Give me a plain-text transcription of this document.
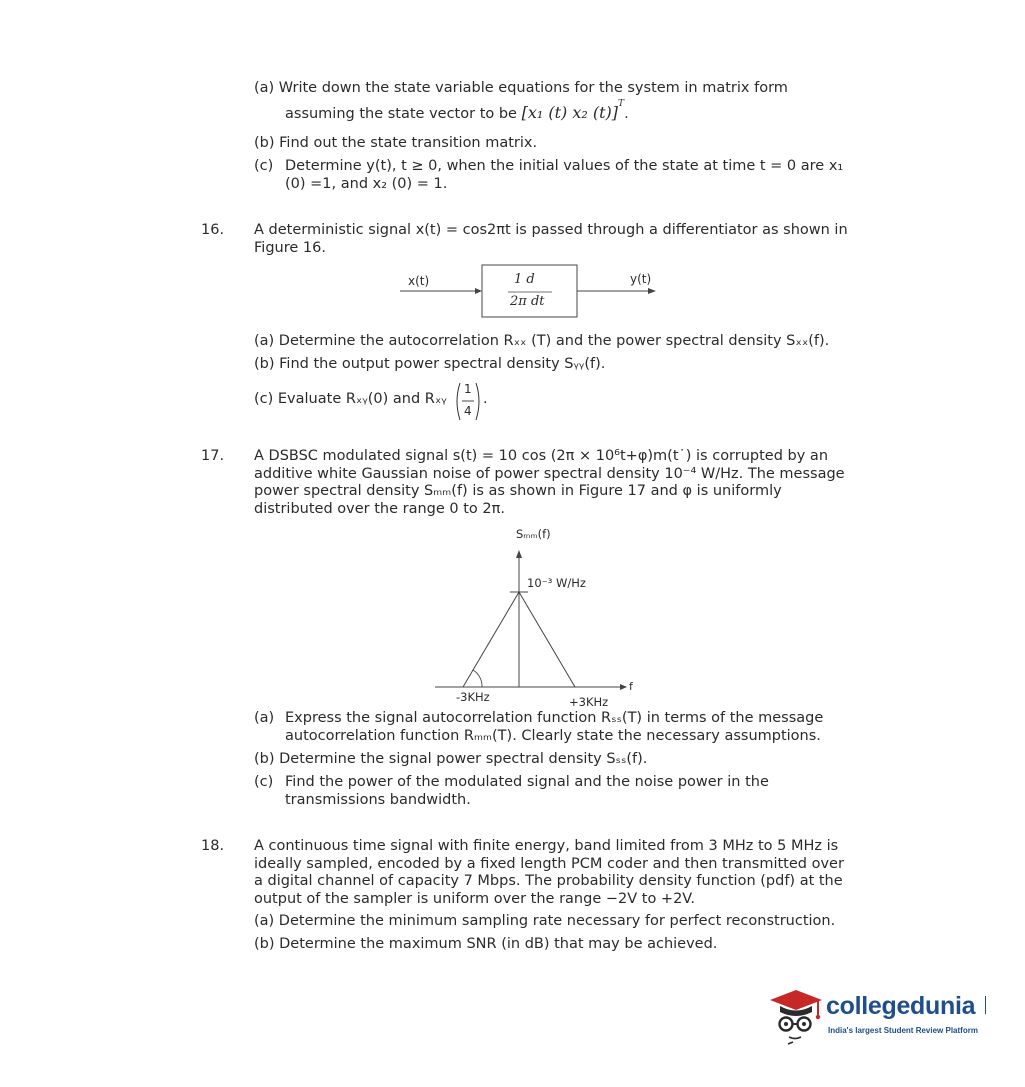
(a) Write down the state variable equations for the system in matrix form
assuming the state vector to be [x₁ (t) x₂ (t)]$^T$.
(b) Find out the state transition matrix.
(c) Determine y(t), t ≥ 0, when the initial values of the state at time t = 0 are x₁
(0) =1, and x₂ (0) = 1.
16. A deterministic signal x(t) = cos2πt is passed through a differentiator as shown in
Figure 16.
x(t)	y(t)
1 d
2π dt
(a) Determine the autocorrelation Rₓₓ (T) and the power spectral density Sₓₓ(f).
(b) Find the output power spectral density Sᵧᵧ(f).
(c) Evaluate Rₓᵧ(0) and Rₓᵧ
1
4
.
17. A DSBSC modulated signal s(t) = 10 cos (2π × 10⁶t+φ)m(t˙) is corrupted by an
additive white Gaussian noise of power spectral density 10⁻⁴ W/Hz. The message
power spectral density Sₘₘ(f) is as shown in Figure 17 and φ is uniformly
distributed over the range 0 to 2π.
Sₘₘ(f)
10⁻³ W/Hz
f
-3KHz	+3KHz
(a) Express the signal autocorrelation function Rₛₛ(T) in terms of the message
autocorrelation function Rₘₘ(T). Clearly state the necessary assumptions.
(b) Determine the signal power spectral density Sₛₛ(f).
(c) Find the power of the modulated signal and the noise power in the
transmissions bandwidth.
18. A continuous time signal with finite energy, band limited from 3 MHz to 5 MHz is
ideally sampled, encoded by a fixed length PCM coder and then transmitted over
a digital channel of capacity 7 Mbps. The probability density function (pdf) at the
output of the sampler is uniform over the range −2V to +2V.
(a) Determine the minimum sampling rate necessary for perfect reconstruction.
(b) Determine the maximum SNR (in dB) that may be achieved.
collegedunia
India's largest Student Review Platform
